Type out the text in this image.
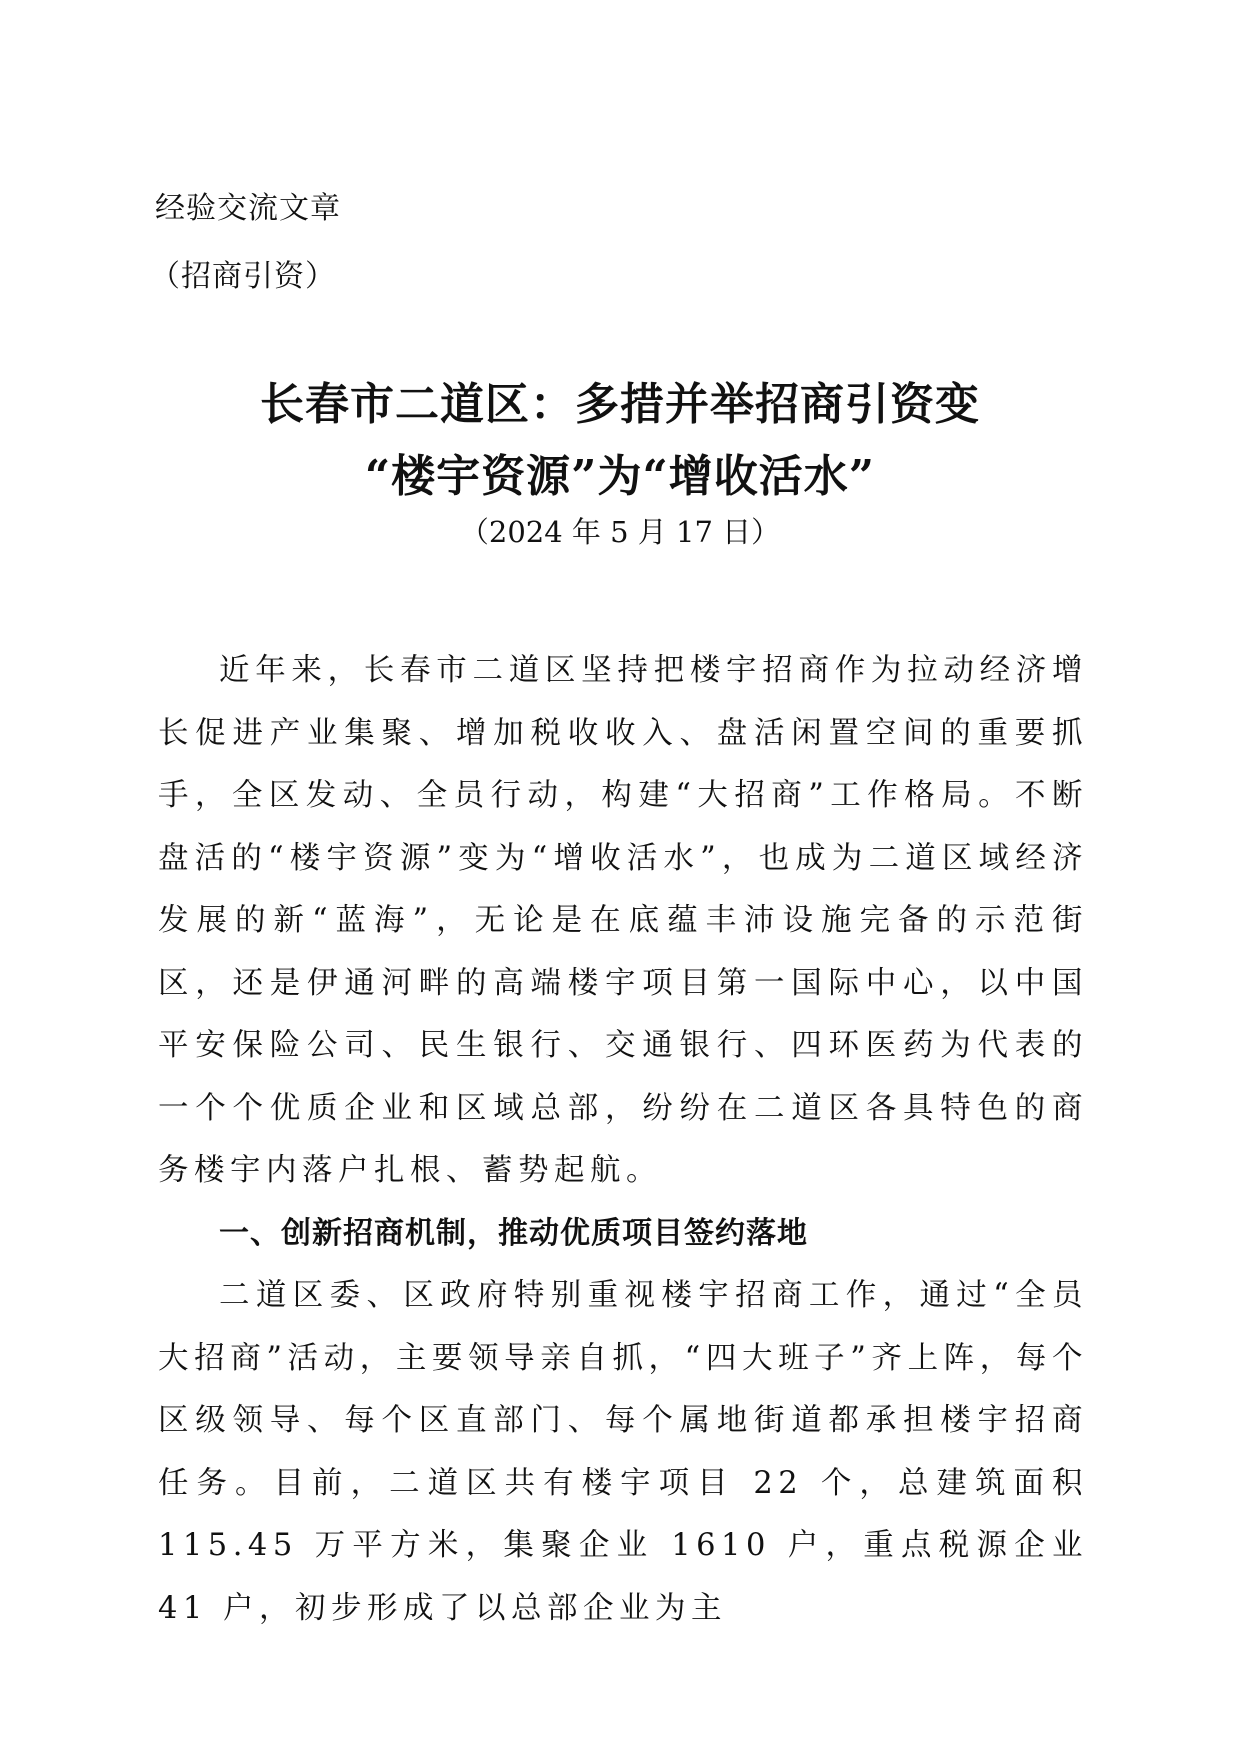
经验交流文章
（招商引资）
长春市二道区：多措并举招商引资变
“楼宇资源”为“增收活水”
（2024 年 5 月 17 日）

近年来，长春市二道区坚持把楼宇招商作为拉动经济增长促进产业集聚、增加税收收入、盘活闲置空间的重要抓手，全区发动、全员行动，构建“大招商”工作格局。不断盘活的“楼宇资源”变为“增收活水”，也成为二道区域经济发展的新“蓝海”，无论是在底蕴丰沛设施完备的示范街区，还是伊通河畔的高端楼宇项目第一国际中心，以中国平安保险公司、民生银行、交通银行、四环医药为代表的一个个优质企业和区域总部，纷纷在二道区各具特色的商务楼宇内落户扎根、蓄势起航。

一、创新招商机制，推动优质项目签约落地

二道区委、区政府特别重视楼宇招商工作，通过“全员大招商”活动，主要领导亲自抓，“四大班子”齐上阵，每个区级领导、每个区直部门、每个属地街道都承担楼宇招商任务。目前，二道区共有楼宇项目 22 个，总建筑面积 115.45 万平方米，集聚企业 1610 户，重点税源企业 41 户，初步形成了以总部企业为主
